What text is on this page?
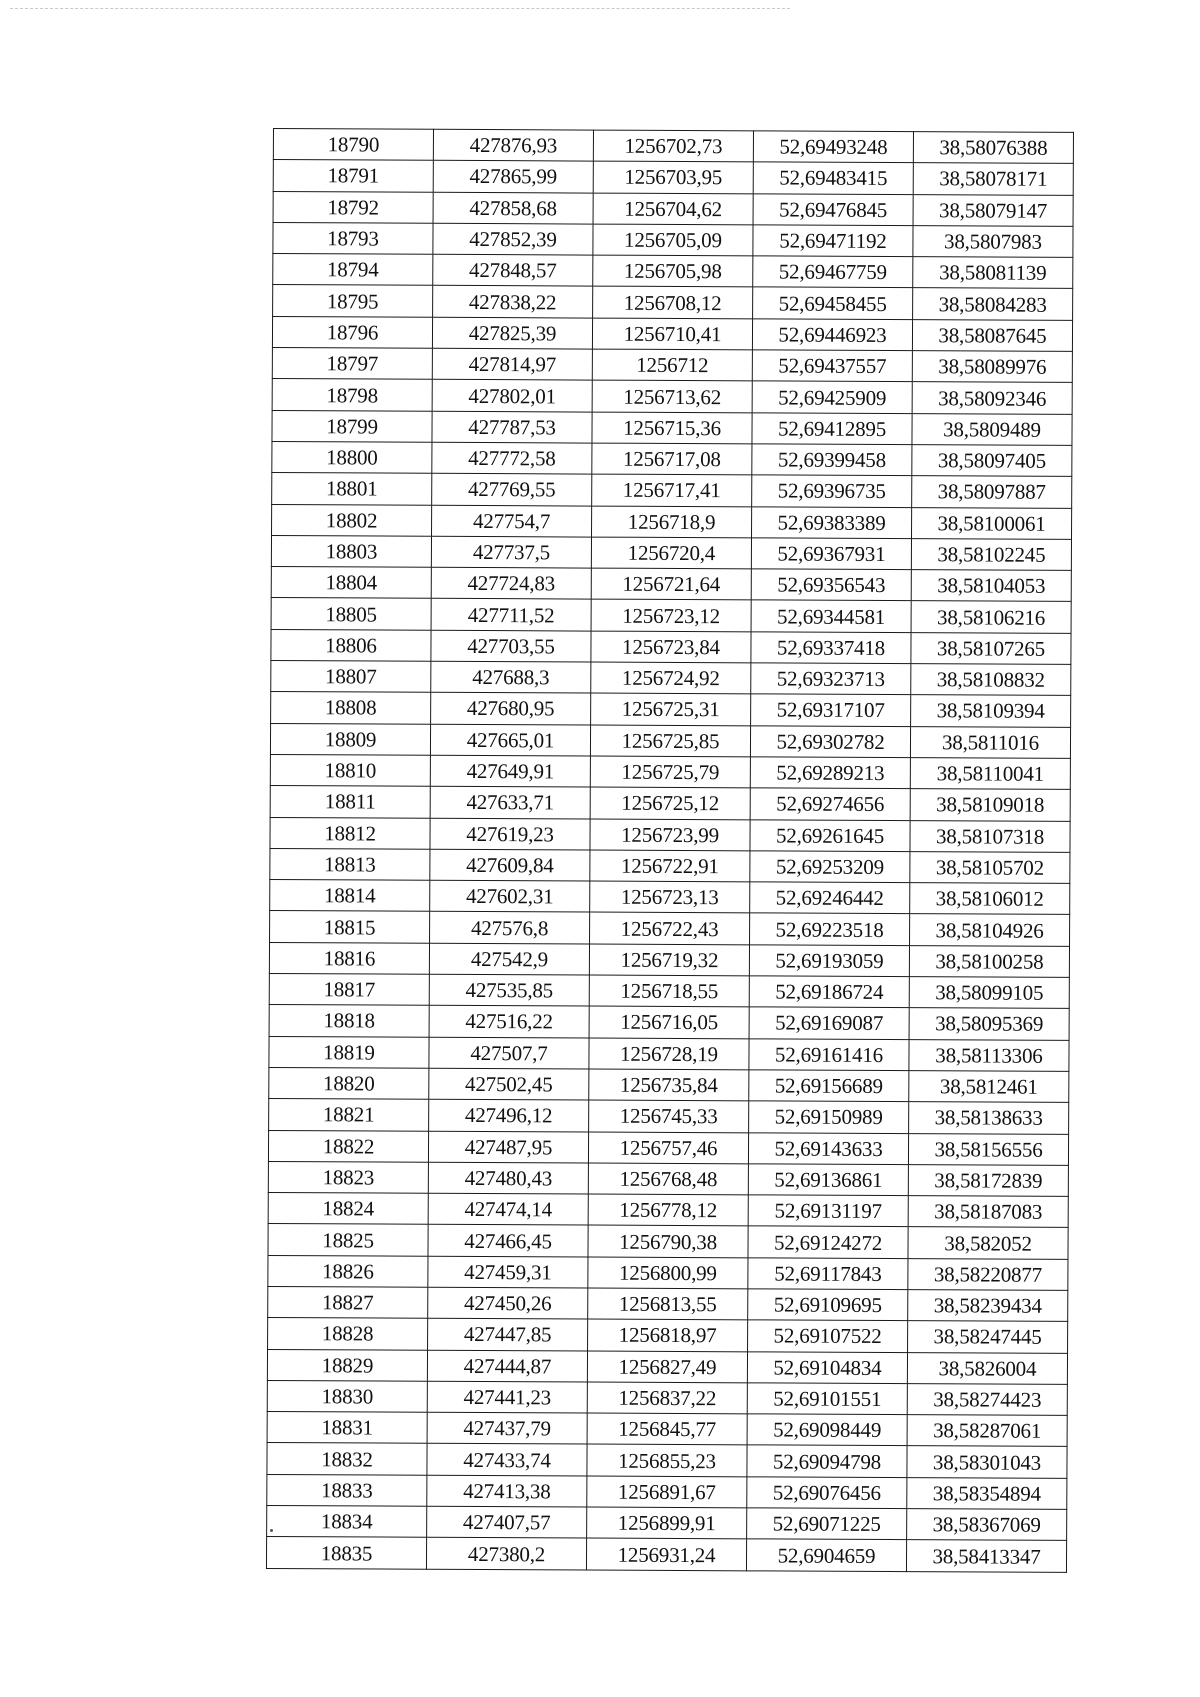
18790	427876,93	1256702,73	52,69493248	38,58076388
18791	427865,99	1256703,95	52,69483415	38,58078171
18792	427858,68	1256704,62	52,69476845	38,58079147
18793	427852,39	1256705,09	52,69471192	38,5807983
18794	427848,57	1256705,98	52,69467759	38,58081139
18795	427838,22	1256708,12	52,69458455	38,58084283
18796	427825,39	1256710,41	52,69446923	38,58087645
18797	427814,97	1256712	52,69437557	38,58089976
18798	427802,01	1256713,62	52,69425909	38,58092346
18799	427787,53	1256715,36	52,69412895	38,5809489
18800	427772,58	1256717,08	52,69399458	38,58097405
18801	427769,55	1256717,41	52,69396735	38,58097887
18802	427754,7	1256718,9	52,69383389	38,58100061
18803	427737,5	1256720,4	52,69367931	38,58102245
18804	427724,83	1256721,64	52,69356543	38,58104053
18805	427711,52	1256723,12	52,69344581	38,58106216
18806	427703,55	1256723,84	52,69337418	38,58107265
18807	427688,3	1256724,92	52,69323713	38,58108832
18808	427680,95	1256725,31	52,69317107	38,58109394
18809	427665,01	1256725,85	52,69302782	38,5811016
18810	427649,91	1256725,79	52,69289213	38,58110041
18811	427633,71	1256725,12	52,69274656	38,58109018
18812	427619,23	1256723,99	52,69261645	38,58107318
18813	427609,84	1256722,91	52,69253209	38,58105702
18814	427602,31	1256723,13	52,69246442	38,58106012
18815	427576,8	1256722,43	52,69223518	38,58104926
18816	427542,9	1256719,32	52,69193059	38,58100258
18817	427535,85	1256718,55	52,69186724	38,58099105
18818	427516,22	1256716,05	52,69169087	38,58095369
18819	427507,7	1256728,19	52,69161416	38,58113306
18820	427502,45	1256735,84	52,69156689	38,5812461
18821	427496,12	1256745,33	52,69150989	38,58138633
18822	427487,95	1256757,46	52,69143633	38,58156556
18823	427480,43	1256768,48	52,69136861	38,58172839
18824	427474,14	1256778,12	52,69131197	38,58187083
18825	427466,45	1256790,38	52,69124272	38,582052
18826	427459,31	1256800,99	52,69117843	38,58220877
18827	427450,26	1256813,55	52,69109695	38,58239434
18828	427447,85	1256818,97	52,69107522	38,58247445
18829	427444,87	1256827,49	52,69104834	38,5826004
18830	427441,23	1256837,22	52,69101551	38,58274423
18831	427437,79	1256845,77	52,69098449	38,58287061
18832	427433,74	1256855,23	52,69094798	38,58301043
18833	427413,38	1256891,67	52,69076456	38,58354894
18834	427407,57	1256899,91	52,69071225	38,58367069
18835	427380,2	1256931,24	52,6904659	38,58413347
